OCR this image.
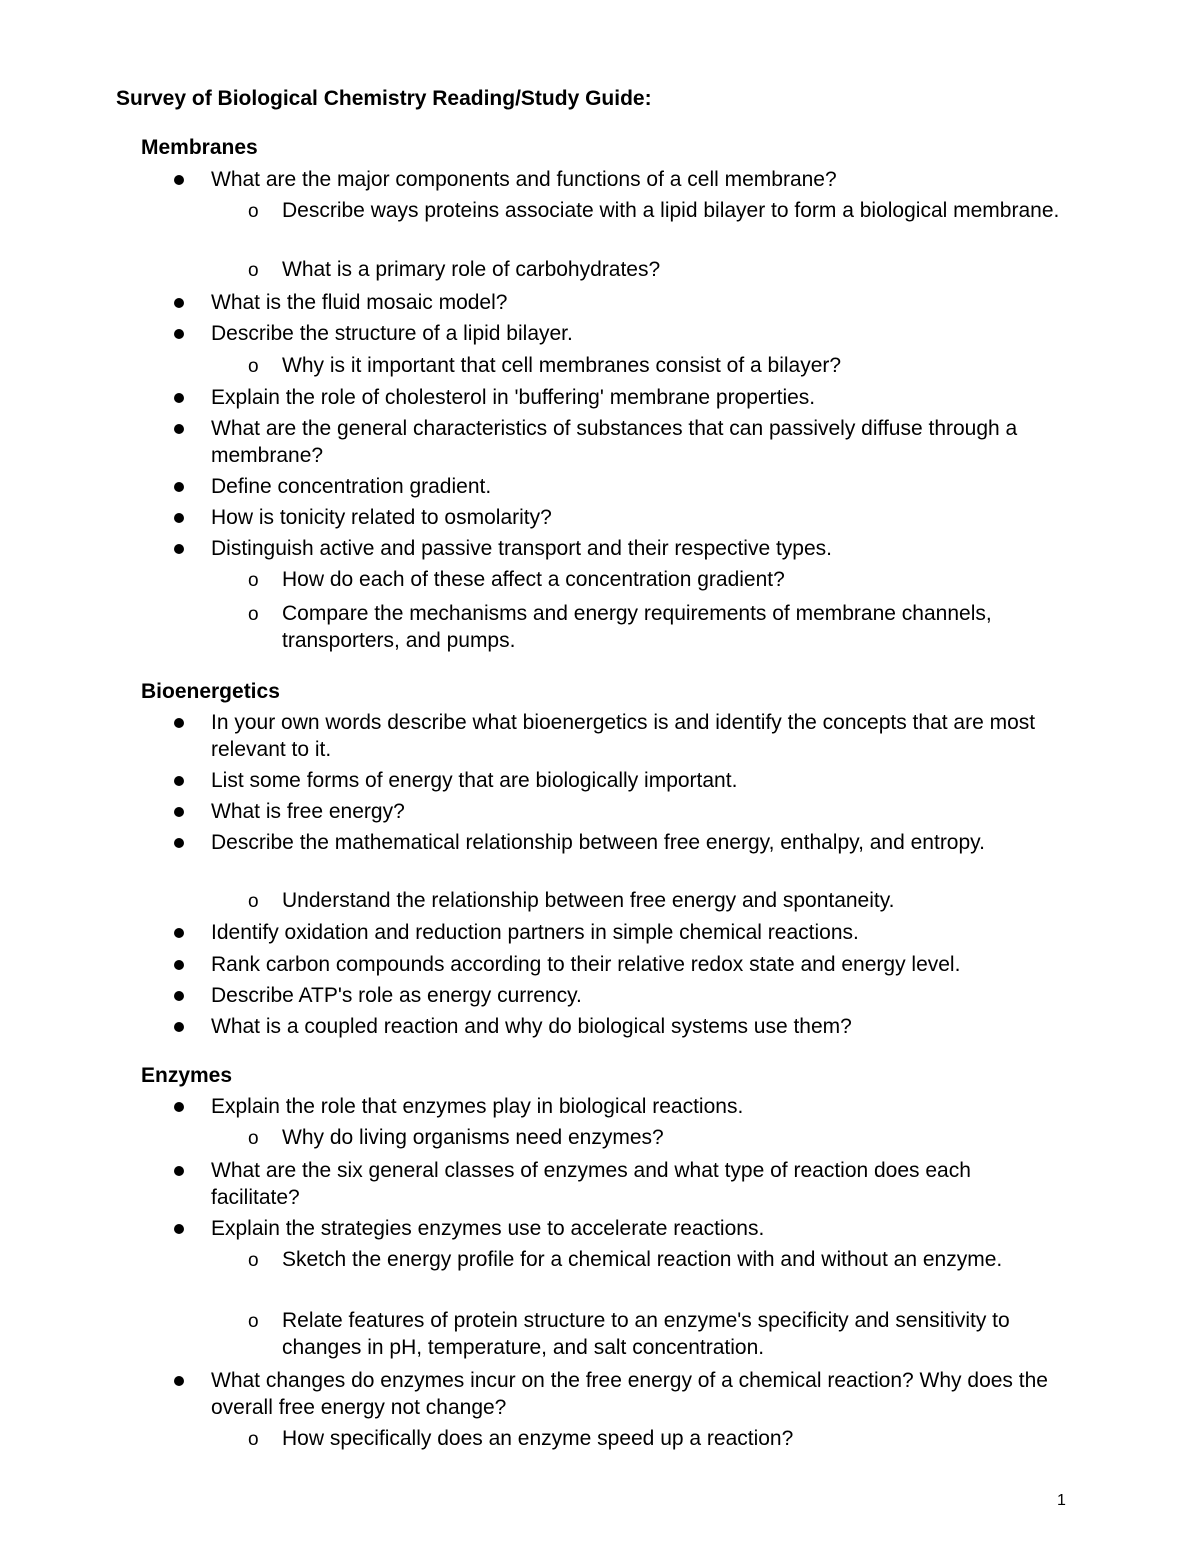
Survey of Biological Chemistry Reading/Study Guide:
Membranes
What are the major components and functions of a cell membrane?
o Describe ways proteins associate with a lipid bilayer to form a biological membrane.
o What is a primary role of carbohydrates?
What is the fluid mosaic model?
Describe the structure of a lipid bilayer.
o Why is it important that cell membranes consist of a bilayer?
Explain the role of cholesterol in 'buffering' membrane properties.
What are the general characteristics of substances that can passively diffuse through a membrane?
Define concentration gradient.
How is tonicity related to osmolarity?
Distinguish active and passive transport and their respective types.
o How do each of these affect a concentration gradient?
o Compare the mechanisms and energy requirements of membrane channels, transporters, and pumps.
Bioenergetics
In your own words describe what bioenergetics is and identify the concepts that are most relevant to it.
List some forms of energy that are biologically important.
What is free energy?
Describe the mathematical relationship between free energy, enthalpy, and entropy.
o Understand the relationship between free energy and spontaneity.
Identify oxidation and reduction partners in simple chemical reactions.
Rank carbon compounds according to their relative redox state and energy level.
Describe ATP's role as energy currency.
What is a coupled reaction and why do biological systems use them?
Enzymes
Explain the role that enzymes play in biological reactions.
o Why do living organisms need enzymes?
What are the six general classes of enzymes and what type of reaction does each facilitate?
Explain the strategies enzymes use to accelerate reactions.
o Sketch the energy profile for a chemical reaction with and without an enzyme.
o Relate features of protein structure to an enzyme's specificity and sensitivity to changes in pH, temperature, and salt concentration.
What changes do enzymes incur on the free energy of a chemical reaction? Why does the overall free energy not change?
o How specifically does an enzyme speed up a reaction?
1
